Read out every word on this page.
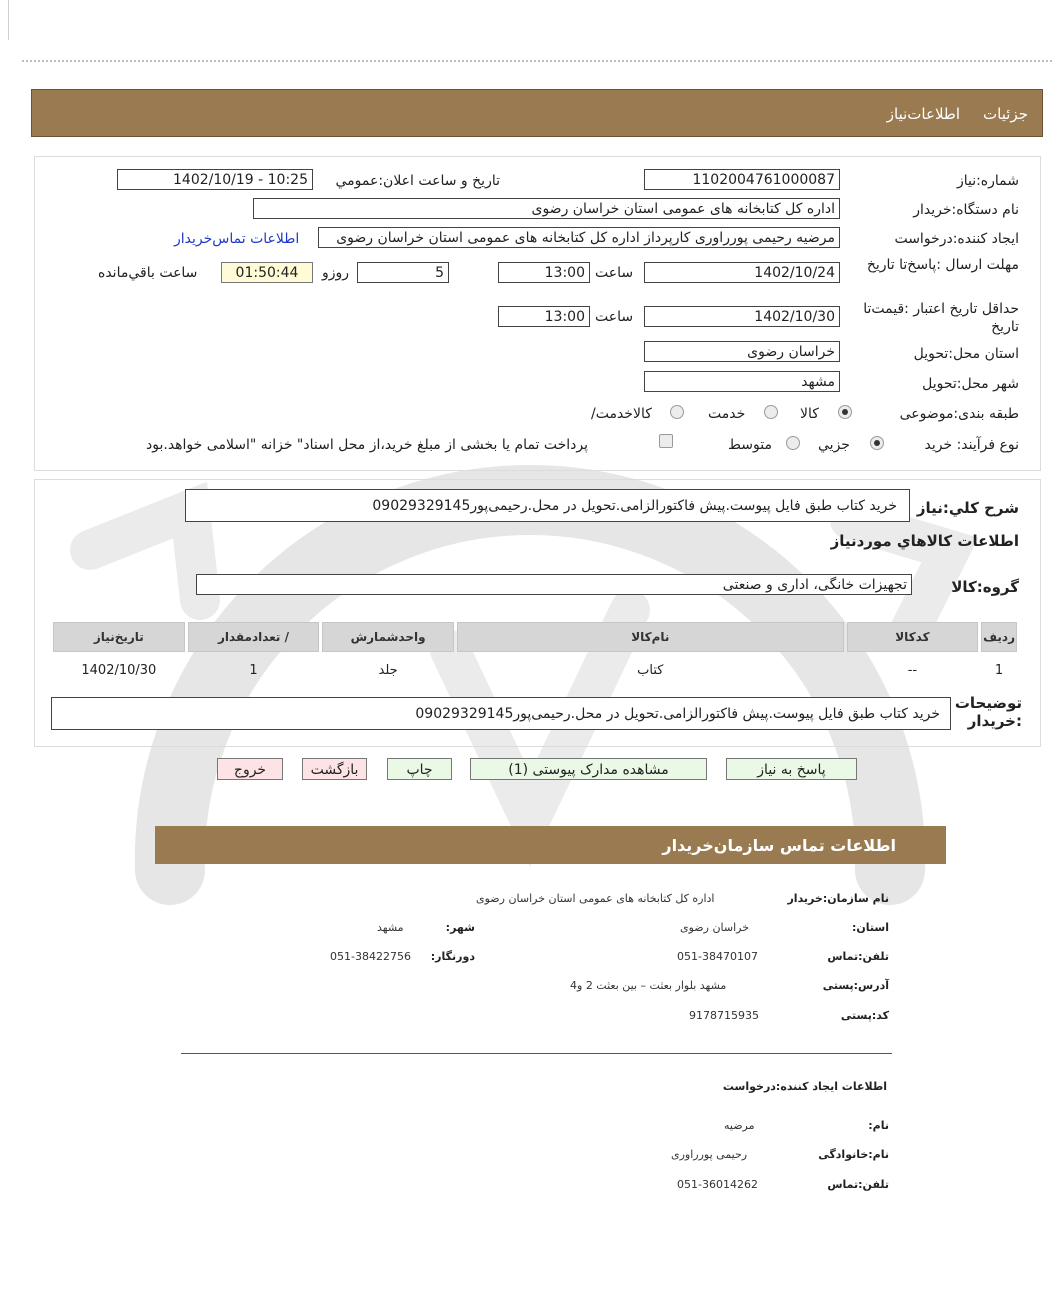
جزئیات
اطلاعات‌نیاز
شماره:نیاز
1102004761000087
تاريخ و ساعت اعلان:عمومي
1402/10/19 - 10:25
نام دستگاه:خريدار
اداره کل کتابخانه های عمومی استان خراسان رضوی
ايجاد کننده:درخواست
مرضیه رحیمی پورراوری کارپرداز اداره کل کتابخانه های عمومی استان خراسان رضوی
اطلاعات تماس‌خريدار
مهلت ارسال :پاسخ‌تا تاريخ
1402/10/24
ساعت
13:00
5
روزو
01:50:44
ساعت باقي‌مانده
حداقل تاريخ اعتبار :قيمت‌تا تاريخ
1402/10/30
ساعت
13:00
استان محل:تحويل
خراسان رضوی
شهر محل:تحويل
مشهد
طبقه بندی:موضوعی
کالا
خدمت
کالاخدمت/
نوع فرآيند: خريد
جزيي
متوسط
پرداخت تمام يا بخشی از مبلغ خريد،از محل اسناد" خزانه "اسلامی خواهد.بود
شرح کلي:نياز
خرید کتاب طبق فایل پیوست.پیش فاکتورالزامی.تحویل در محل.رحیمی‌پور09029329145
اطلاعات کالاهاي موردنياز
گروه:کالا
تجهيزات خانگی، اداری و صنعتی
رديف	کدکالا	نام‌کالا	واحدشمارش	/ تعدادمقدار	تاريخ‌نياز
1	--	کتاب	جلد	1	1402/10/30
توضيحات :خريدار
خرید کتاب طبق فایل پیوست.پیش فاکتورالزامی.تحویل در محل.رحیمی‌پور09029329145
پاسخ به نياز
مشاهده مدارک پيوستی (1)
چاپ
بازگشت
خروج
اطلاعات تماس سازمان‌خريدار
نام سازمان:خريدار
اداره کل کتابخانه های عمومی استان خراسان رضوی
استان:
خراسان رضوی
شهر:
مشهد
تلفن:تماس
051-38470107
دورنگار:
051-38422756
آدرس:پستی
مشهد بلوار بعثت – بین بعثت 2 و4
کد:پستی
9178715935
اطلاعات ايجاد کننده:درخواست
نام:
مرضیه
نام:خانوادگی
رحیمی پورراوری
تلفن:تماس
051-36014262
